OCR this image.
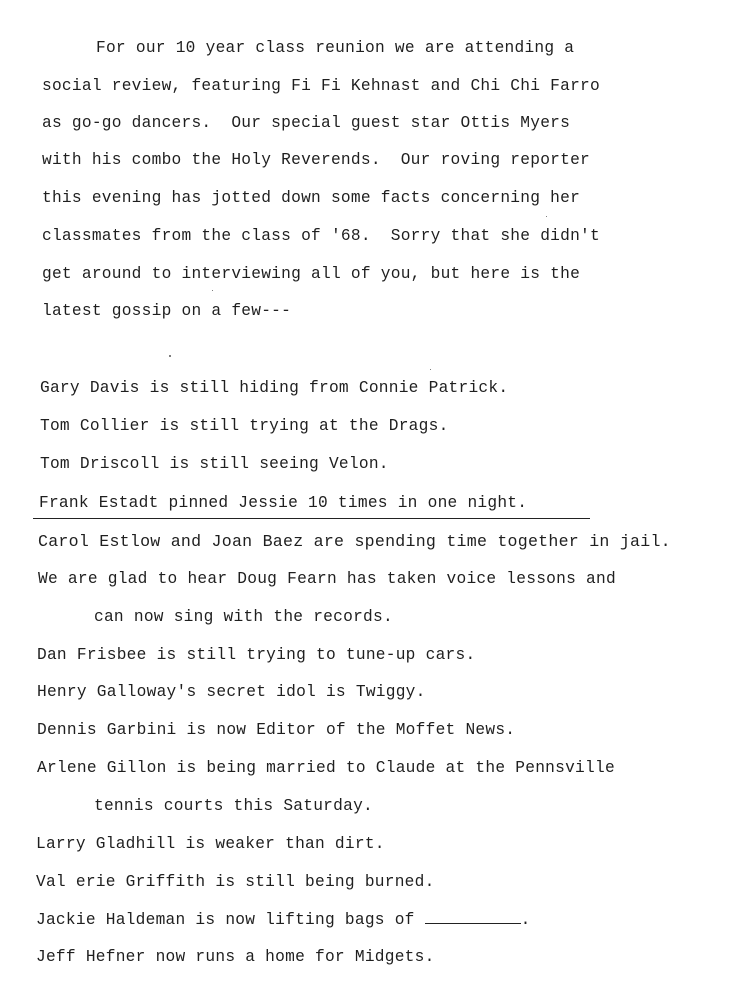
For our 10 year class reunion we are attending a
social review, featuring Fi Fi Kehnast and Chi Chi Farro
as go-go dancers.  Our special guest star Ottis Myers
with his combo the Holy Reverends.  Our roving reporter
this evening has jotted down some facts concerning her
classmates from the class of '68.  Sorry that she didn't
get around to interviewing all of you, but here is the
latest gossip on a few---
Gary Davis is still hiding from Connie Patrick.
Tom Collier is still trying at the Drags.
Tom Driscoll is still seeing Velon.
Frank Estadt pinned Jessie 10 times in one night.
Carol Estlow and Joan Baez are spending time together in jail.
We are glad to hear Doug Fearn has taken voice lessons and
can now sing with the records.
Dan Frisbee is still trying to tune-up cars.
Henry Galloway's secret idol is Twiggy.
Dennis Garbini is now Editor of the Moffet News.
Arlene Gillon is being married to Claude at the Pennsville
tennis courts this Saturday.
Larry Gladhill is weaker than dirt.
Val erie Griffith is still being burned.
Jackie Haldeman is now lifting bags of	.
Jeff Hefner now runs a home for Midgets.
